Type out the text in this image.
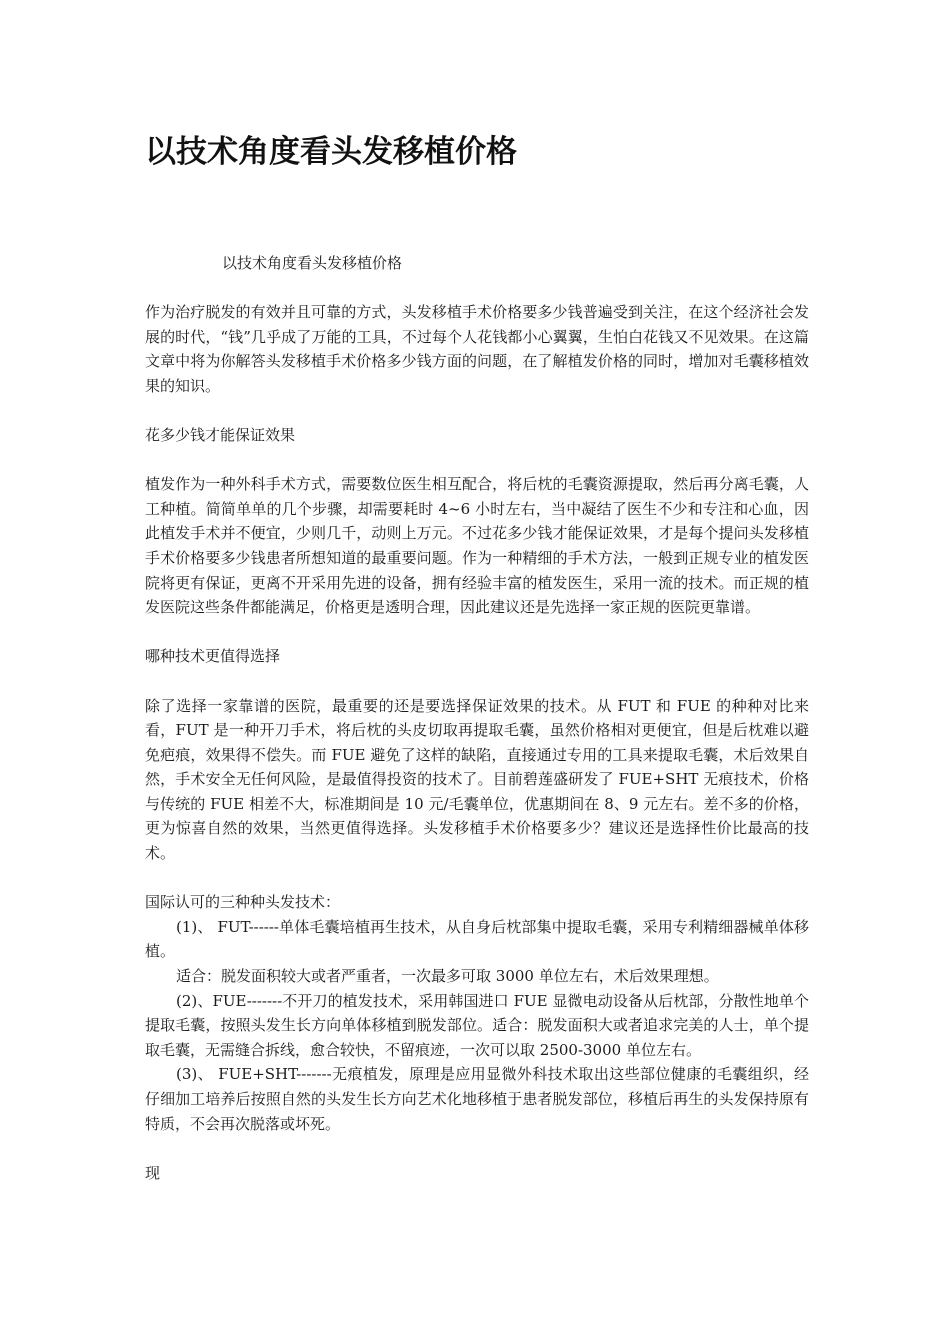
以技术角度看头发移植价格

以技术角度看头发移植价格

作为治疗脱发的有效并且可靠的方式，头发移植手术价格要多少钱普遍受到关注，在这个经济社会发展的时代，“钱”几乎成了万能的工具，不过每个人花钱都小心翼翼，生怕白花钱又不见效果。在这篇文章中将为你解答头发移植手术价格多少钱方面的问题，在了解植发价格的同时，增加对毛囊移植效果的知识。

花多少钱才能保证效果

植发作为一种外科手术方式，需要数位医生相互配合，将后枕的毛囊资源提取，然后再分离毛囊，人工种植。简简单单的几个步骤，却需要耗时 4~6 小时左右，当中凝结了医生不少和专注和心血，因此植发手术并不便宜，少则几千，动则上万元。不过花多少钱才能保证效果，才是每个提问头发移植手术价格要多少钱患者所想知道的最重要问题。作为一种精细的手术方法，一般到正规专业的植发医院将更有保证，更离不开采用先进的设备，拥有经验丰富的植发医生，采用一流的技术。而正规的植发医院这些条件都能满足，价格更是透明合理，因此建议还是先选择一家正规的医院更靠谱。

哪种技术更值得选择

除了选择一家靠谱的医院，最重要的还是要选择保证效果的技术。从 FUT 和 FUE 的种种对比来看，FUT 是一种开刀手术，将后枕的头皮切取再提取毛囊，虽然价格相对更便宜，但是后枕难以避免疤痕，效果得不偿失。而 FUE 避免了这样的缺陷，直接通过专用的工具来提取毛囊，术后效果自然，手术安全无任何风险，是最值得投资的技术了。目前碧莲盛研发了 FUE+SHT 无痕技术，价格与传统的 FUE 相差不大，标准期间是 10 元/毛囊单位，优惠期间在 8、9 元左右。差不多的价格，更为惊喜自然的效果，当然更值得选择。头发移植手术价格要多少？建议还是选择性价比最高的技术。

国际认可的三种种头发技术：

(1)、 FUT------单体毛囊培植再生技术，从自身后枕部集中提取毛囊，采用专利精细器械单体移植。

适合：脱发面积较大或者严重者，一次最多可取 3000 单位左右，术后效果理想。

(2)、FUE-------不开刀的植发技术，采用韩国进口 FUE 显微电动设备从后枕部，分散性地单个提取毛囊，按照头发生长方向单体移植到脱发部位。适合：脱发面积大或者追求完美的人士，单个提取毛囊，无需缝合拆线，愈合较快，不留痕迹，一次可以取 2500-3000 单位左右。

(3)、 FUE+SHT-------无痕植发，原理是应用显微外科技术取出这些部位健康的毛囊组织，经仔细加工培养后按照自然的头发生长方向艺术化地移植于患者脱发部位，移植后再生的头发保持原有特质，不会再次脱落或坏死。

现
